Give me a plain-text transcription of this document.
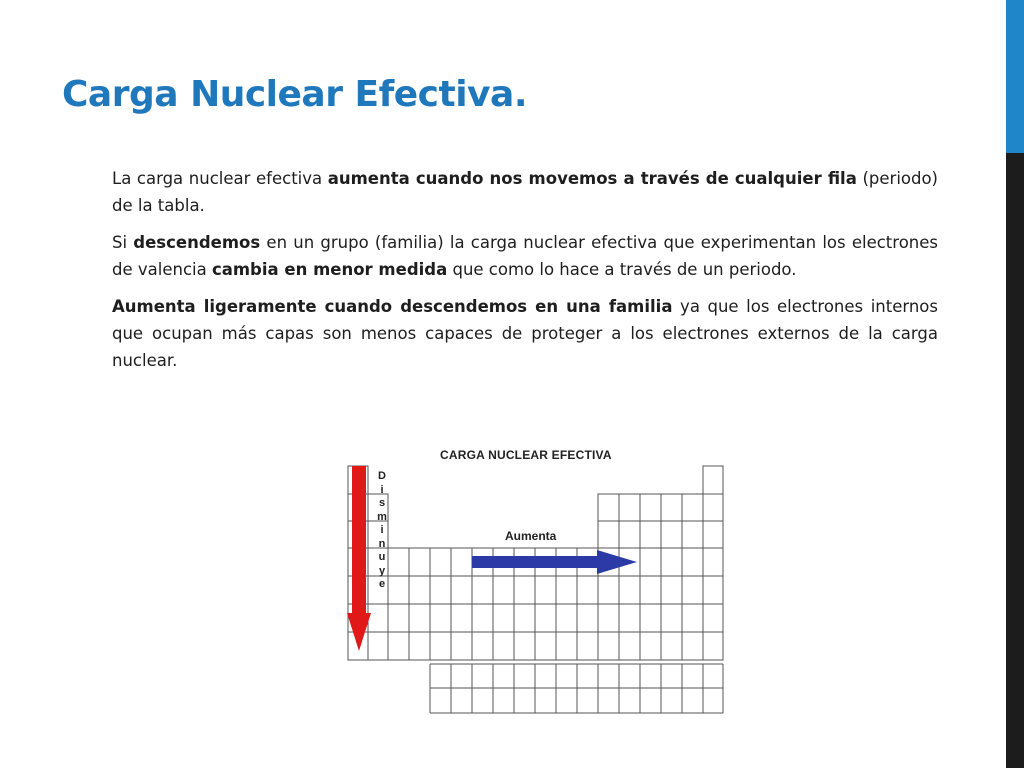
Carga Nuclear Efectiva.

La carga nuclear efectiva aumenta cuando nos movemos a través de cualquier fila (periodo) de la tabla.

Si descendemos en un grupo (familia) la carga nuclear efectiva que experimentan los electrones de valencia cambia en menor medida que como lo hace a través de un periodo.

Aumenta ligeramente cuando descendemos en una familia ya que los electrones internos que ocupan más capas son menos capaces de proteger a los electrones externos de la carga nuclear.

CARGA NUCLEAR EFECTIVA
Aumenta
D
i
s
m
i
n
u
y
e
